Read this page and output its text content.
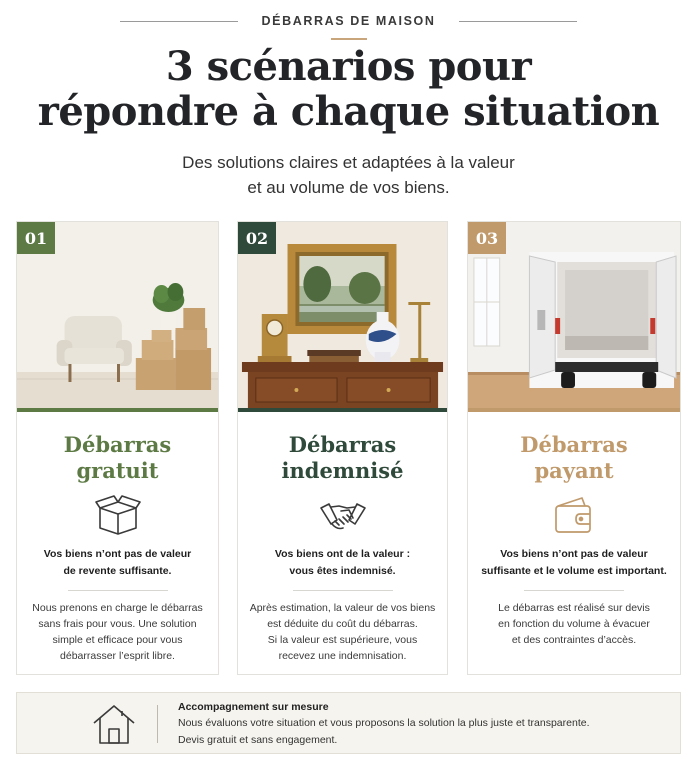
DÉBARRAS DE MAISON
3 scénarios pour
répondre à chaque situation

Des solutions claires et adaptées à la valeur
et au volume de vos biens.

01
Débarras
gratuit
Vos biens n’ont pas de valeur
de revente suffisante.
Nous prenons en charge le débarras
sans frais pour vous. Une solution
simple et efficace pour vous
débarrasser l’esprit libre.
02
Débarras
indemnisé
Vos biens ont de la valeur :
vous êtes indemnisé.
Après estimation, la valeur de vos biens
est déduite du coût du débarras.
Si la valeur est supérieure, vous
recevez une indemnisation.
03
Débarras
payant
Vos biens n’ont pas de valeur
suffisante et le volume est important.
Le débarras est réalisé sur devis
en fonction du volume à évacuer
et des contraintes d’accès.
Accompagnement sur mesure
Nous évaluons votre situation et vous proposons la solution la plus juste et transparente.
Devis gratuit et sans engagement.
